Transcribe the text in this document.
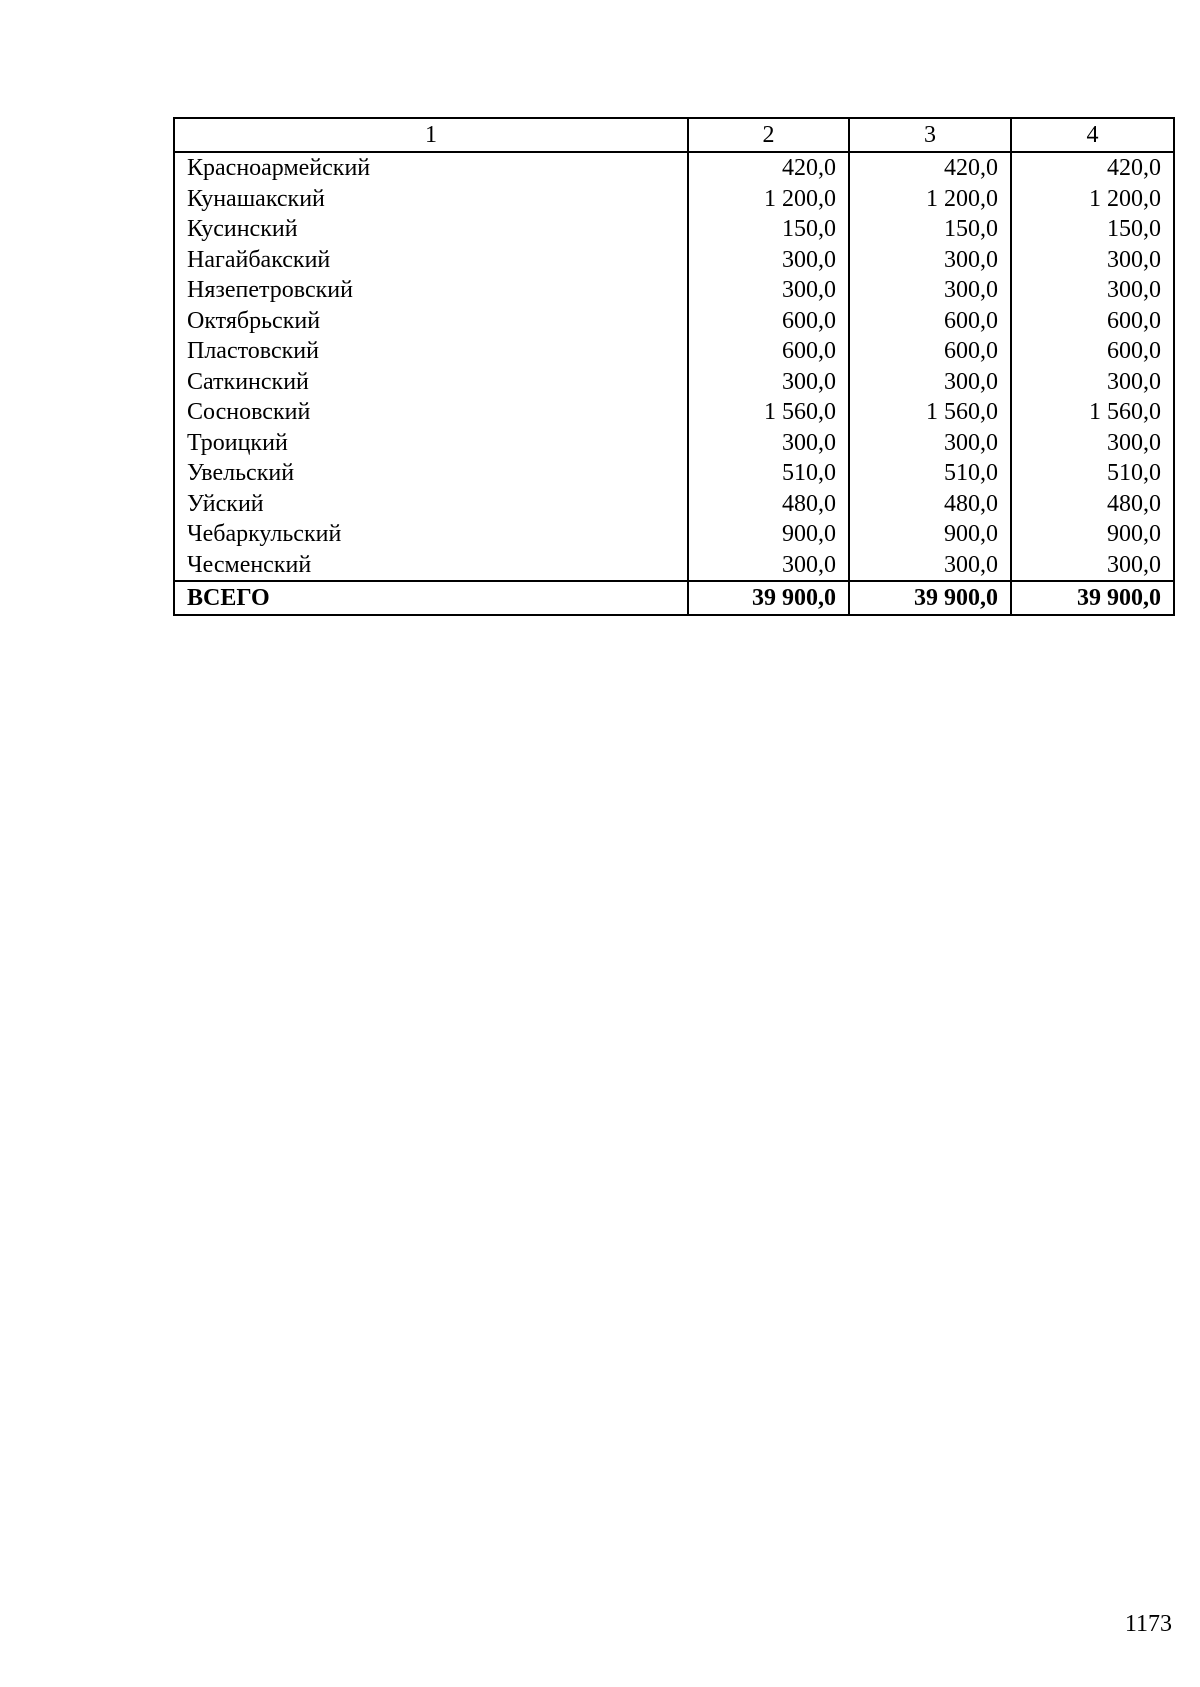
1	2	3	4
Красноармейский	420,0	420,0	420,0
Кунашакский	1 200,0	1 200,0	1 200,0
Кусинский	150,0	150,0	150,0
Нагайбакский	300,0	300,0	300,0
Нязепетровский	300,0	300,0	300,0
Октябрьский	600,0	600,0	600,0
Пластовский	600,0	600,0	600,0
Саткинский	300,0	300,0	300,0
Сосновский	1 560,0	1 560,0	1 560,0
Троицкий	300,0	300,0	300,0
Увельский	510,0	510,0	510,0
Уйский	480,0	480,0	480,0
Чебаркульский	900,0	900,0	900,0
Чесменский	300,0	300,0	300,0
ВСЕГО	39 900,0	39 900,0	39 900,0
1173
